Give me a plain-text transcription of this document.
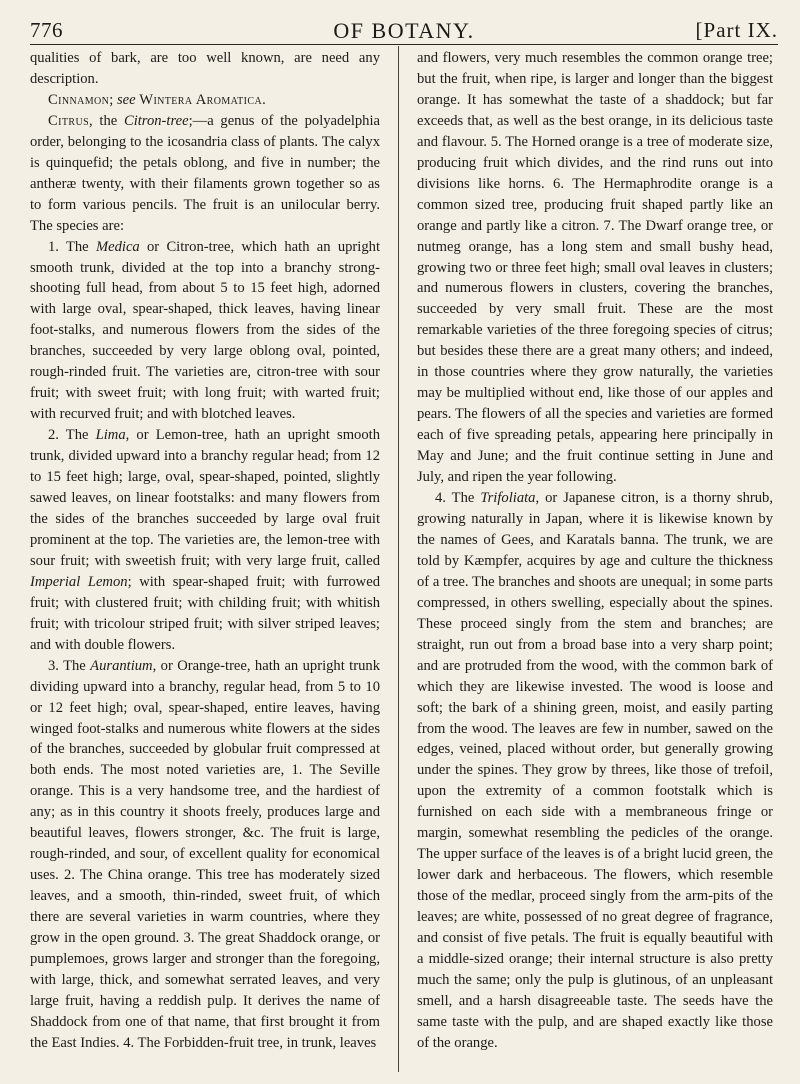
776	OF BOTANY.	[Part IX.

qualities of bark, are too well known, are need any description.

Cinnamon; see Wintera Aromatica.

Citrus, the Citron-tree;—a genus of the polyadelphia order, belonging to the icosandria class of plants. The calyx is quinquefid; the petals oblong, and five in number; the antheræ twenty, with their filaments grown together so as to form various pencils. The fruit is an unilocular berry. The species are:

1. The Medica or Citron-tree, which hath an upright smooth trunk, divided at the top into a branchy strong-shooting full head, from about 5 to 15 feet high, adorned with large oval, spear-shaped, thick leaves, having linear foot-stalks, and numerous flowers from the sides of the branches, succeeded by very large oblong oval, pointed, rough-rinded fruit. The varieties are, citron-tree with sour fruit; with sweet fruit; with long fruit; with warted fruit; with recurved fruit; and with blotched leaves.

2. The Lima, or Lemon-tree, hath an upright smooth trunk, divided upward into a branchy regular head; from 12 to 15 feet high; large, oval, spear-shaped, pointed, slightly sawed leaves, on linear footstalks: and many flowers from the sides of the branches succeeded by large oval fruit prominent at the top. The varieties are, the lemon-tree with sour fruit; with sweetish fruit; with very large fruit, called Imperial Lemon; with spear-shaped fruit; with furrowed fruit; with clustered fruit; with childing fruit; with whitish fruit; with tricolour striped fruit; with silver striped leaves; and with double flowers.

3. The Aurantium, or Orange-tree, hath an upright trunk dividing upward into a branchy, regular head, from 5 to 10 or 12 feet high; oval, spear-shaped, entire leaves, having winged foot-stalks and numerous white flowers at the sides of the branches, succeeded by globular fruit compressed at both ends. The most noted varieties are, 1. The Seville orange. This is a very handsome tree, and the hardiest of any; as in this country it shoots freely, produces large and beautiful leaves, flowers stronger, &c. The fruit is large, rough-rinded, and sour, of excellent quality for economical uses. 2. The China orange. This tree has moderately sized leaves, and a smooth, thin-rinded, sweet fruit, of which there are several varieties in warm countries, where they grow in the open ground. 3. The great Shaddock orange, or pumplemoes, grows larger and stronger than the foregoing, with large, thick, and somewhat serrated leaves, and very large fruit, having a reddish pulp. It derives the name of Shaddock from one of that name, that first brought it from the East Indies. 4. The Forbidden-fruit tree, in trunk, leaves

and flowers, very much resembles the common orange tree; but the fruit, when ripe, is larger and longer than the biggest orange. It has somewhat the taste of a shaddock; but far exceeds that, as well as the best orange, in its delicious taste and flavour. 5. The Horned orange is a tree of moderate size, producing fruit which divides, and the rind runs out into divisions like horns. 6. The Hermaphrodite orange is a common sized tree, producing fruit shaped partly like an orange and partly like a citron. 7. The Dwarf orange tree, or nutmeg orange, has a long stem and small bushy head, growing two or three feet high; small oval leaves in clusters; and numerous flowers in clusters, covering the branches, succeeded by very small fruit. These are the most remarkable varieties of the three foregoing species of citrus; but besides these there are a great many others; and indeed, in those countries where they grow naturally, the varieties may be multiplied without end, like those of our apples and pears. The flowers of all the species and varieties are formed each of five spreading petals, appearing here principally in May and June; and the fruit continue setting in June and July, and ripen the year following.

4. The Trifoliata, or Japanese citron, is a thorny shrub, growing naturally in Japan, where it is likewise known by the names of Gees, and Karatals banna. The trunk, we are told by Kæmpfer, acquires by age and culture the thickness of a tree. The branches and shoots are unequal; in some parts compressed, in others swelling, especially about the spines. These proceed singly from the stem and branches; are straight, run out from a broad base into a very sharp point; and are protruded from the wood, with the common bark of which they are likewise invested. The wood is loose and soft; the bark of a shining green, moist, and easily parting from the wood. The leaves are few in number, sawed on the edges, veined, placed without order, but generally growing under the spines. They grow by threes, like those of trefoil, upon the extremity of a common footstalk which is furnished on each side with a membraneous fringe or margin, somewhat resembling the pedicles of the orange. The upper surface of the leaves is of a bright lucid green, the lower dark and herbaceous. The flowers, which resemble those of the medlar, proceed singly from the arm-pits of the leaves; are white, possessed of no great degree of fragrance, and consist of five petals. The fruit is equally beautiful with a middle-sized orange; their internal structure is also pretty much the same; only the pulp is glutinous, of an unpleasant smell, and a harsh disagreeable taste. The seeds have the same taste with the pulp, and are shaped exactly like those of the orange.
